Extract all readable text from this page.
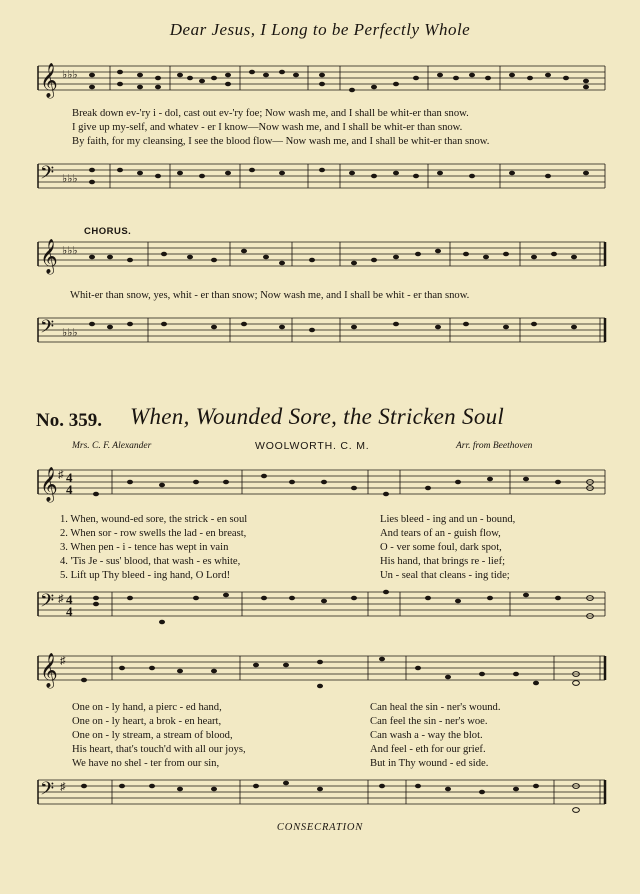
Dear Jesus, I Long to be Perfectly Whole
𝄞 ♭♭♭
Break down ev-'ry i - dol, cast out ev-'ry foe; Now wash me, and I shall be whit-er than snow.
I give up my-self, and whatev - er I know—Now wash me, and I shall be whit-er than snow.
By faith, for my cleansing, I see the blood flow— Now wash me, and I shall be whit-er than snow.
𝄢 ♭♭♭
CHORUS.
𝄞 ♭♭♭
Whit-er than snow, yes, whit - er than snow; Now wash me, and I shall be whit - er than snow.
𝄢 ♭♭♭
No. 359. When, Wounded Sore, the Stricken Soul
Mrs. C. F. Alexander	WOOLWORTH. C. M.	Arr. from Beethoven
𝄞 ♯ 4
4
1. When, wound-ed sore, the strick - en soul
2. When sor - row swells the lad - en breast,
3. When pen - i - tence has wept in vain
4. 'Tis Je - sus' blood, that wash - es white,
5. Lift up Thy bleed - ing hand, O Lord!
Lies bleed - ing and un - bound,
And tears of an - guish flow,
O - ver some foul, dark spot,
His hand, that brings re - lief;
Un - seal that cleans - ing tide;
𝄢 ♯ 4
4
𝄞 ♯
One on - ly hand, a pierc - ed hand,
One on - ly heart, a brok - en heart,
One on - ly stream, a stream of blood,
His heart, that's touch'd with all our joys,
We have no shel - ter from our sin,
Can heal the sin - ner's wound.
Can feel the sin - ner's woe.
Can wash a - way the blot.
And feel - eth for our grief.
But in Thy wound - ed side.
𝄢 ♯
CONSECRATION
